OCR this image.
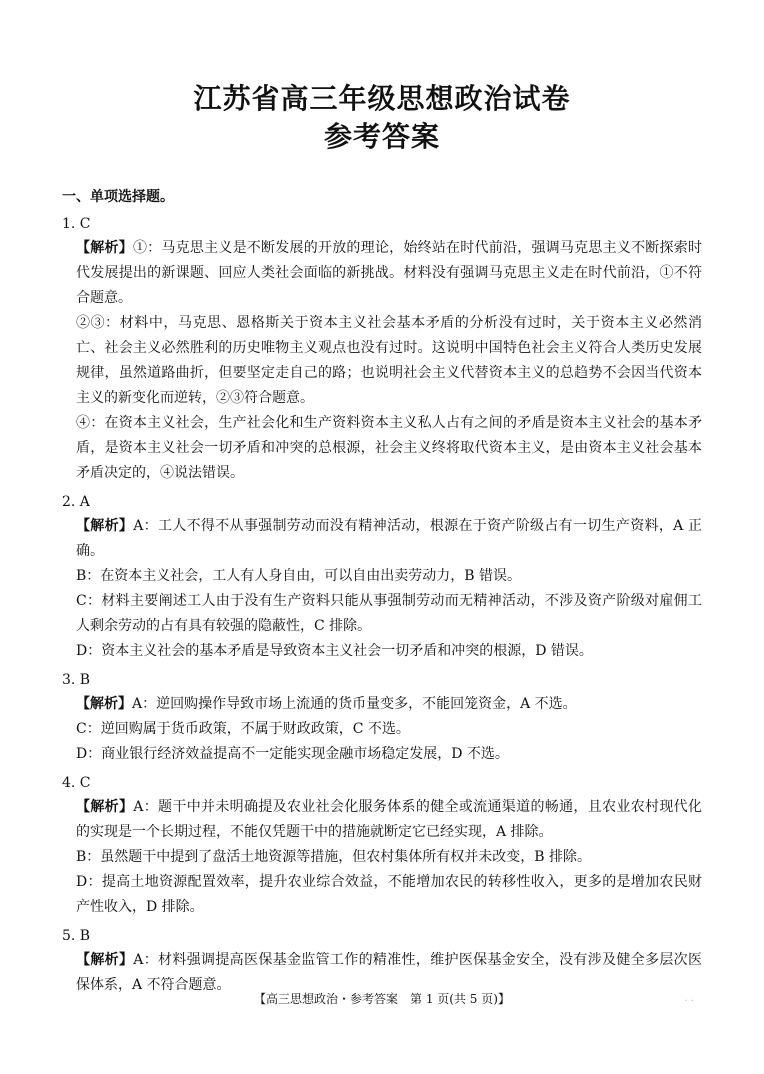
江苏省高三年级思想政治试卷
参考答案
一、单项选择题。
1. C
【解析】①：马克思主义是不断发展的开放的理论，始终站在时代前沿，强调马克思主义不断探索时代发展提出的新课题、回应人类社会面临的新挑战。材料没有强调马克思主义走在时代前沿，①不符合题意。
②③：材料中，马克思、恩格斯关于资本主义社会基本矛盾的分析没有过时，关于资本主义必然消亡、社会主义必然胜利的历史唯物主义观点也没有过时。这说明中国特色社会主义符合人类历史发展规律，虽然道路曲折，但要坚定走自己的路；也说明社会主义代替资本主义的总趋势不会因当代资本主义的新变化而逆转，②③符合题意。
④：在资本主义社会，生产社会化和生产资料资本主义私人占有之间的矛盾是资本主义社会的基本矛盾，是资本主义社会一切矛盾和冲突的总根源，社会主义终将取代资本主义，是由资本主义社会基本矛盾决定的，④说法错误。
2. A
【解析】A：工人不得不从事强制劳动而没有精神活动，根源在于资产阶级占有一切生产资料，A 正确。
B：在资本主义社会，工人有人身自由，可以自由出卖劳动力，B 错误。
C：材料主要阐述工人由于没有生产资料只能从事强制劳动而无精神活动，不涉及资产阶级对雇佣工人剩余劳动的占有具有较强的隐蔽性，C 排除。
D：资本主义社会的基本矛盾是导致资本主义社会一切矛盾和冲突的根源，D 错误。
3. B
【解析】A：逆回购操作导致市场上流通的货币量变多，不能回笼资金，A 不选。
C：逆回购属于货币政策，不属于财政政策，C 不选。
D：商业银行经济效益提高不一定能实现金融市场稳定发展，D 不选。
4. C
【解析】A：题干中并未明确提及农业社会化服务体系的健全或流通渠道的畅通，且农业农村现代化的实现是一个长期过程，不能仅凭题干中的措施就断定它已经实现，A 排除。
B：虽然题干中提到了盘活土地资源等措施，但农村集体所有权并未改变，B 排除。
D：提高土地资源配置效率，提升农业综合效益，不能增加农民的转移性收入，更多的是增加农民财产性收入，D 排除。
5. B
【解析】A：材料强调提高医保基金监管工作的精准性，维护医保基金安全，没有涉及健全多层次医保体系，A 不符合题意。
【高三思想政治・参考答案　第 1 页(共 5 页)】	. .
